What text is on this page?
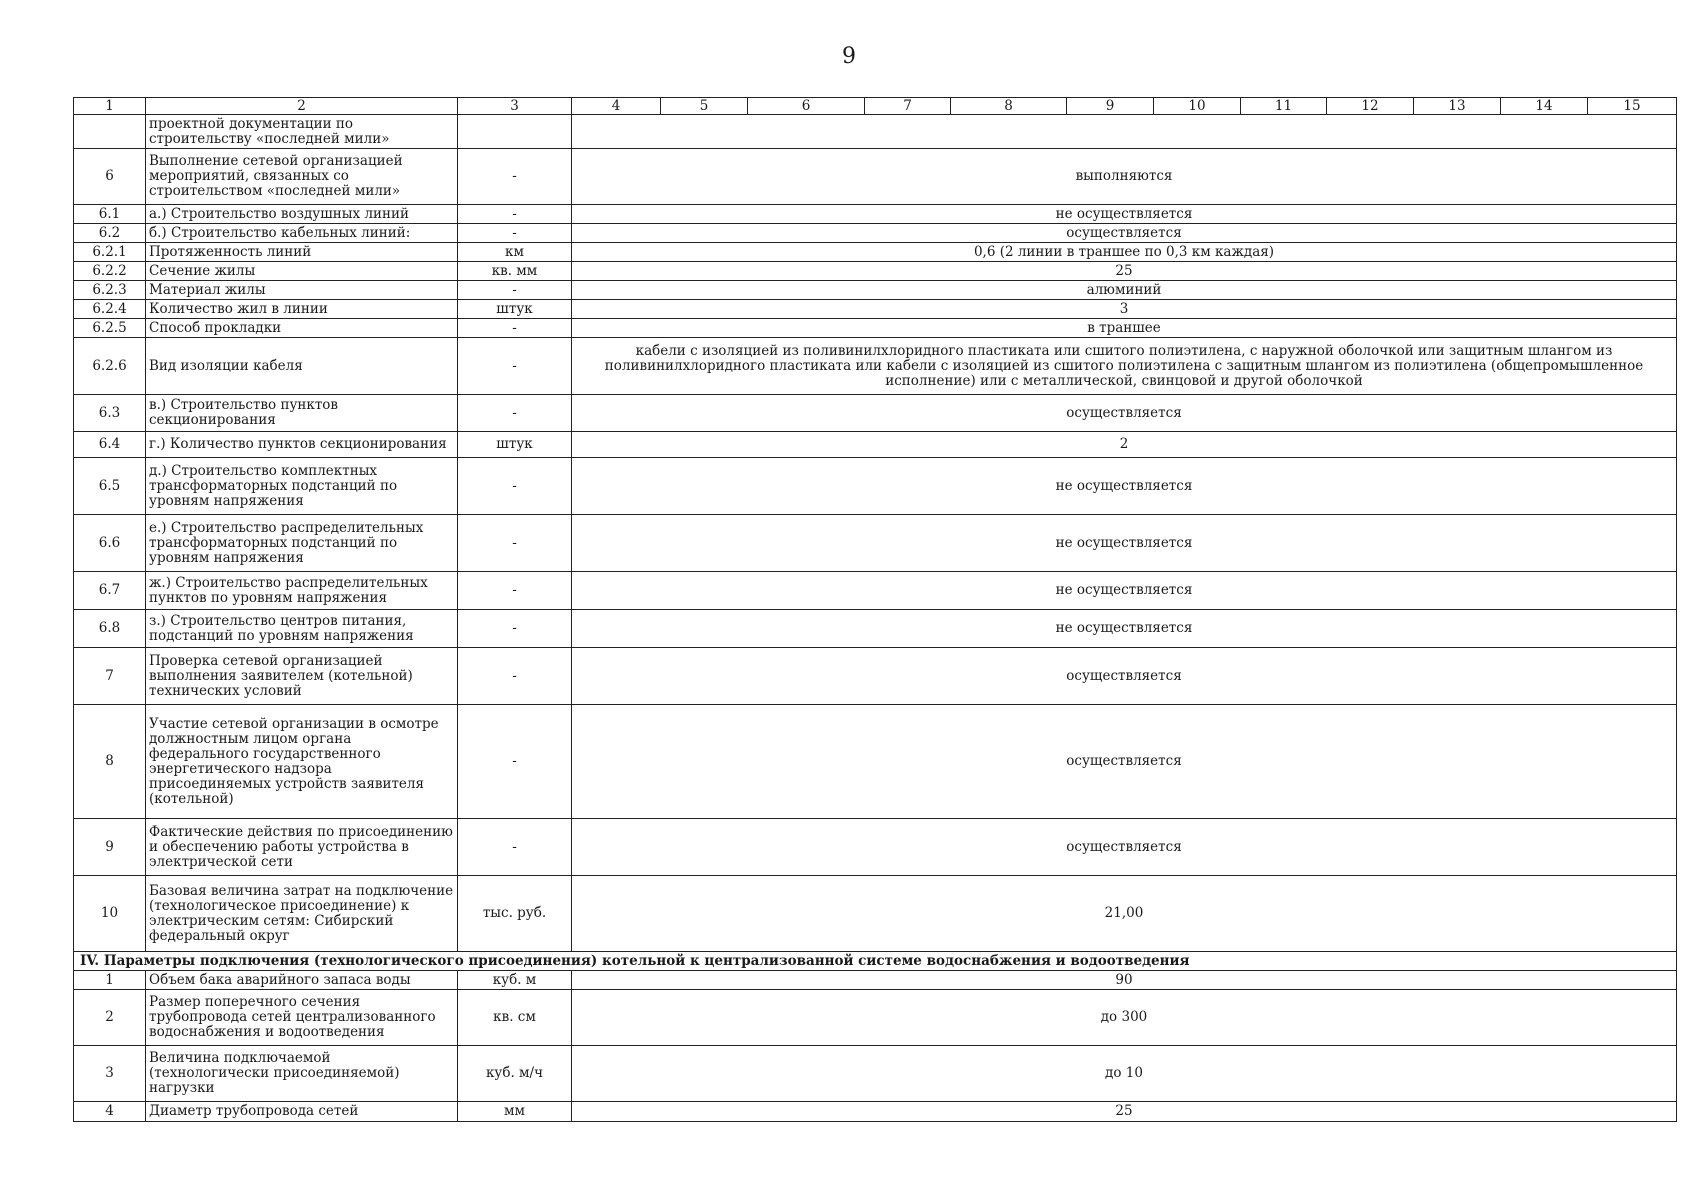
9
1	2	3	4	5	6	7	8	9	10	11	12	13	14	15
	проектной документации по строительству «последней мили»													
6	Выполнение сетевой организацией мероприятий, связанных со строительством «последней мили»	-	выполняются											
6.1	а.) Строительство воздушных линий	-	не осуществляется											
6.2	б.) Строительство кабельных линий:	-	осуществляется											
6.2.1	Протяженность линий	км	0,6 (2 линии в траншее по 0,3 км каждая)											
6.2.2	Сечение жилы	кв. мм	25											
6.2.3	Материал жилы	-	алюминий											
6.2.4	Количество жил в линии	штук	3											
6.2.5	Способ прокладки	-	в траншее											
6.2.6	Вид изоляции кабеля	-	кабели с изоляцией из поливинилхлоридного пластиката или сшитого полиэтилена, с наружной оболочкой или защитным шлангом из поливинилхлоридного пластиката или кабели с изоляцией из сшитого полиэтилена с защитным шлангом из полиэтилена (общепромышленное исполнение) или с металлической, свинцовой и другой оболочкой											
6.3	в.) Строительство пунктов секционирования	-	осуществляется											
6.4	г.) Количество пунктов секционирования	штук	2											
6.5	д.) Строительство комплектных трансформаторных подстанций по уровням напряжения	-	не осуществляется											
6.6	е.) Строительство распределительных трансформаторных подстанций по уровням напряжения	-	не осуществляется											
6.7	ж.) Строительство распределительных пунктов по уровням напряжения	-	не осуществляется											
6.8	з.) Строительство центров питания, подстанций по уровням напряжения	-	не осуществляется											
7	Проверка сетевой организацией выполнения заявителем (котельной) технических условий	-	осуществляется											
8	Участие сетевой организации в осмотре должностным лицом органа федерального государственного энергетического надзора присоединяемых устройств заявителя (котельной)	-	осуществляется											
9	Фактические действия по присоединению и обеспечению работы устройства в электрической сети	-	осуществляется											
10	Базовая величина затрат на подключение (технологическое присоединение) к электрическим сетям: Сибирский федеральный округ	тыс. руб.	21,00											
IV. Параметры подключения (технологического присоединения) котельной к централизованной системе водоснабжения и водоотведения														
1	Объем бака аварийного запаса воды	куб. м	90											
2	Размер поперечного сечения трубопровода сетей централизованного водоснабжения и водоотведения	кв. см	до 300											
3	Величина подключаемой (технологически присоединяемой) нагрузки	куб. м/ч	до 10											
4	Диаметр трубопровода сетей	мм	25											
